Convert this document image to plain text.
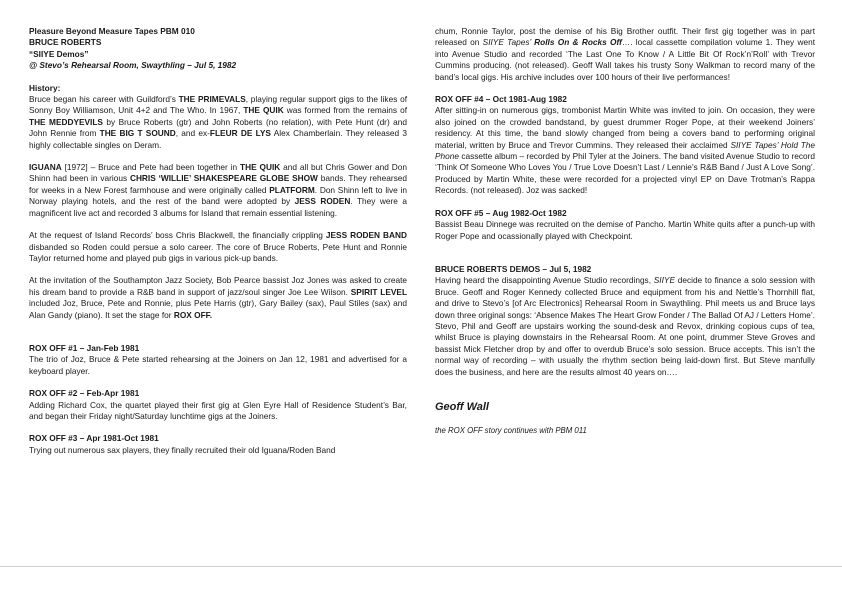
Pleasure Beyond Measure Tapes PBM 010

BRUCE ROBERTS

“SIIYE Demos”

@ Stevo’s Rehearsal Room, Swaythling – Jul 5, 1982

History:

Bruce began his career with Guildford’s THE PRIMEVALS, playing regular support gigs to the likes of Sonny Boy Williamson, Unit 4+2 and The Who. In 1967, THE QUIK was formed from the remains of THE MEDDYEVILS by Bruce Roberts (gtr) and John Roberts (no relation), with Pete Hunt (dr) and John Rennie from THE BIG T SOUND, and ex-FLEUR DE LYS Alex Chamberlain. They released 3 highly collectable singles on Deram.

IGUANA [1972] – Bruce and Pete had been together in THE QUIK and all but Chris Gower and Don Shinn had been in various CHRIS ‘WILLIE’ SHAKESPEARE GLOBE SHOW bands. They rehearsed for weeks in a New Forest farmhouse and were originally called PLATFORM. Don Shinn left to live in Norway playing hotels, and the rest of the band were adopted by JESS RODEN. They were a magnificent live act and recorded 3 albums for Island that remain essential listening.

At the request of Island Records’ boss Chris Blackwell, the financially crippling JESS RODEN BAND disbanded so Roden could persue a solo career. The core of Bruce Roberts, Pete Hunt and Ronnie Taylor returned home and played pub gigs in various pick-up bands.

At the invitation of the Southampton Jazz Society, Bob Pearce bassist Joz Jones was asked to create his dream band to provide a R&B band in support of jazz/soul singer Joe Lee Wilson. SPIRIT LEVEL included Joz, Bruce, Pete and Ronnie, plus Pete Harris (gtr), Gary Bailey (sax), Paul Stiles (sax) and Alan Gandy (piano). It set the stage for ROX OFF.

ROX OFF #1 – Jan-Feb 1981

The trio of Joz, Bruce & Pete started rehearsing at the Joiners on Jan 12, 1981 and advertised for a keyboard player.

ROX OFF #2 – Feb-Apr 1981

Adding Richard Cox, the quartet played their first gig at Glen Eyre Hall of Residence Student’s Bar, and began their Friday night/Saturday lunchtime gigs at the Joiners.

ROX OFF #3 – Apr 1981-Oct 1981

Trying out numerous sax players, they finally recruited their old Iguana/Roden Band

chum, Ronnie Taylor, post the demise of his Big Brother outfit. Their first gig together was in part released on SIIYE Tapes’ Rolls On & Rocks Off…. local cassette compilation volume 1. They went into Avenue Studio and recorded ‘The Last One To Know / A Little Bit Of Rock’n’Roll’ with Trevor Cummins producing. (not released). Geoff Wall takes his trusty Sony Walkman to record many of the band’s local gigs. His archive includes over 100 hours of their live performances!

ROX OFF #4 – Oct 1981-Aug 1982

After sitting-in on numerous gigs, trombonist Martin White was invited to join. On occasion, they were also joined on the crowded bandstand, by guest drummer Roger Pope, at their weekend Joiners’ residency. At this time, the band slowly changed from being a covers band to performing original material, written by Bruce and Trevor Cummins. They released their acclaimed SIIYE Tapes’ Hold The Phone cassette album – recorded by Phil Tyler at the Joiners. The band visited Avenue Studio to record ‘Think Of Someone Who Loves You / True Love Doesn’t Last / Lennie’s R&B Band / Just A Love Song’. Produced by Martin White, these were recorded for a projected vinyl EP on Dave Trotman’s Rappa Records. (not released). Joz was sacked!

ROX OFF #5 – Aug 1982-Oct 1982

Bassist Beau Dinnege was recruited on the demise of Pancho. Martin White quits after a punch-up with Roger Pope and ocassionally played with Checkpoint.

BRUCE ROBERTS DEMOS – Jul 5, 1982

Having heard the disappointing Avenue Studio recordings, SIIYE decide to finance a solo session with Bruce. Geoff and Roger Kennedy collected Bruce and equipment from his and Nettle’s Thornhill flat, and drive to Stevo’s [of Arc Electronics] Rehearsal Room in Swaythling. Phil meets us and Bruce lays down three original songs: ‘Absence Makes The Heart Grow Fonder / The Ballad Of AJ / Letters Home’. Stevo, Phil and Geoff are upstairs working the sound-desk and Revox, drinking copious cups of tea, whilst Bruce is playing downstairs in the Rehearsal Room. At one point, drummer Steve Groves and bassist Mick Fletcher drop by and offer to overdub Bruce’s solo session. Bruce accepts. This isn’t the normal way of recording – with usually the rhythm section being laid-down first. But Steve manfully does the business, and here are the results almost 40 years on….

Geoff Wall

the ROX OFF story continues with PBM 011
